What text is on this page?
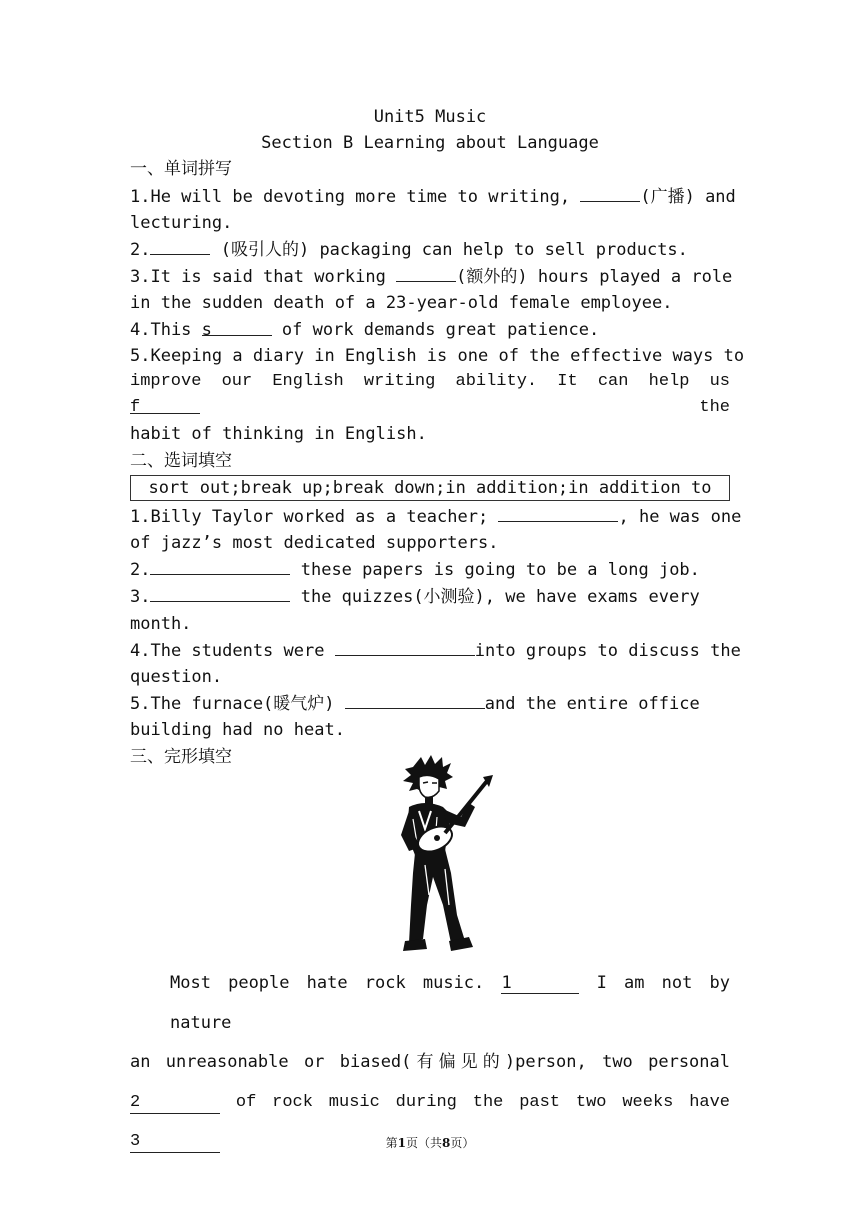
Unit5 Music
Section B Learning about Language
一、单词拼写
1.He will be devoting more time to writing,	(广播) and
lecturing.
2.	(吸引人的) packaging can help to sell products.
3.It is said that working	(额外的) hours played a role
in the sudden death of a 23-year-old female employee.
4.This s	of work demands great patience.
5.Keeping a diary in English is one of the effective ways to
improve our English writing ability. It can help us f	the
habit of thinking in English.
二、选词填空
sort out;break up;break down;in addition;in addition to
1.Billy Taylor worked as a teacher;	, he was one
of jazz’s most dedicated supporters.
2.	these papers is going to be a long job.
3.	the quizzes(小测验), we have exams every
month.
4.The students were	into groups to discuss the
question.
5.The furnace(暖气炉)	and the entire office
building had no heat.
三、完形填空
Most people hate rock music. 1	I am not by nature
an unreasonable or biased(有偏见的)person, two personal
2	of rock music during the past two weeks have 3	第1页（共8页）
